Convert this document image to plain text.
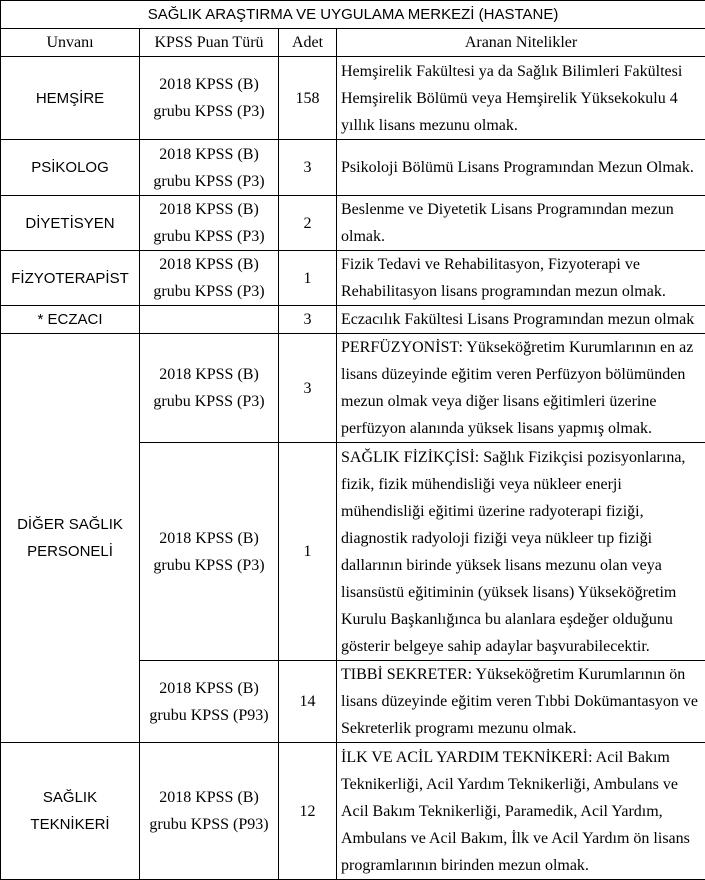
SAĞLIK ARAŞTIRMA VE UYGULAMA MERKEZİ (HASTANE)			
Unvanı	KPSS Puan Türü	Adet	Aranan Nitelikler
HEMŞİRE	2018 KPSS (B) grubu KPSS (P3)	158	Hemşirelik Fakültesi ya da Sağlık Bilimleri Fakültesi Hemşirelik Bölümü veya Hemşirelik Yüksekokulu 4 yıllık lisans mezunu olmak.
PSİKOLOG	2018 KPSS (B) grubu KPSS (P3)	3	Psikoloji Bölümü Lisans Programından Mezun Olmak.
DİYETİSYEN	2018 KPSS (B) grubu KPSS (P3)	2	Beslenme ve Diyetetik Lisans Programından mezun olmak.
FİZYOTERAPİST	2018 KPSS (B) grubu KPSS (P3)	1	Fizik Tedavi ve Rehabilitasyon, Fizyoterapi ve Rehabilitasyon lisans programından mezun olmak.
* ECZACI		3	Eczacılık Fakültesi Lisans Programından mezun olmak
DİĞER SAĞLIK PERSONELİ	2018 KPSS (B) grubu KPSS (P3)	3	PERFÜZYONİST: Yükseköğretim Kurumlarının en az lisans düzeyinde eğitim veren Perfüzyon bölümünden mezun olmak veya diğer lisans eğitimleri üzerine perfüzyon alanında yüksek lisans yapmış olmak.
	2018 KPSS (B) grubu KPSS (P3)	1	SAĞLIK FİZİKÇİSİ: Sağlık Fizikçisi pozisyonlarına, fizik, fizik mühendisliği veya nükleer enerji mühendisliği eğitimi üzerine radyoterapi fiziği, diagnostik radyoloji fiziği veya nükleer tıp fiziği dallarının birinde yüksek lisans mezunu olan veya lisansüstü eğitiminin (yüksek lisans) Yükseköğretim Kurulu Başkanlığınca bu alanlara eşdeğer olduğunu gösterir belgeye sahip adaylar başvurabilecektir.
	2018 KPSS (B) grubu KPSS (P93)	14	TIBBİ SEKRETER: Yükseköğretim Kurumlarının ön lisans düzeyinde eğitim veren Tıbbi Dokümantasyon ve Sekreterlik programı mezunu olmak.
SAĞLIK TEKNİKERİ	2018 KPSS (B) grubu KPSS (P93)	12	İLK VE ACİL YARDIM TEKNİKERİ: Acil Bakım Teknikerliği, Acil Yardım Teknikerliği, Ambulans ve Acil Bakım Teknikerliği, Paramedik, Acil Yardım, Ambulans ve Acil Bakım, İlk ve Acil Yardım ön lisans programlarının birinden mezun olmak.
